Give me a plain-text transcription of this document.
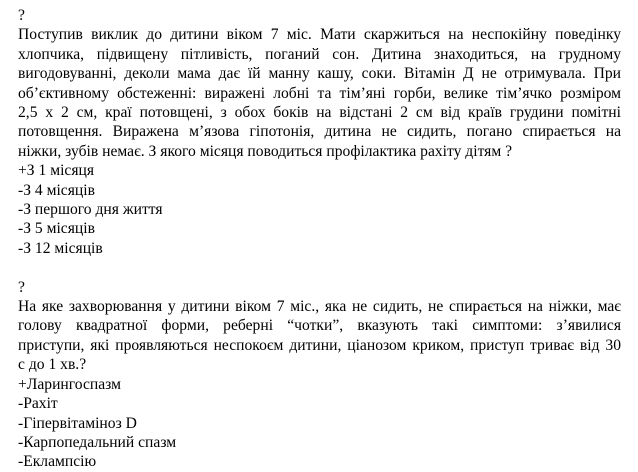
?
Поступив виклик до дитини віком 7 міс. Мати скаржиться на неспокійну поведінку
хлопчика, підвищену пітливість, поганий сон. Дитина знаходиться, на грудному
вигодовуванні, деколи мама дає їй манну кашу, соки. Вітамін Д не отримувала. При
об’єктивному обстеженні: виражені лобні та тім’яні горби, велике тім’ячко розміром
2,5 х 2 см, краї потовщені, з обох боків на відстані 2 см від країв грудини помітні
потовщення. Виражена м’язова гіпотонія, дитина не сидить, погано спирається на
ніжки, зубів немає. З якого місяця поводиться профілактика рахіту дітям ?
+З 1 місяця
-З 4 місяців
-З першого дня життя
-З 5 місяців
-З 12 місяців
?
На яке захворювання у дитини віком 7 міс., яка не сидить, не спирається на ніжки, має
голову квадратної форми, реберні “чотки”, вказують такі симптоми: з’явилися
приступи, які проявляються неспокоєм дитини, ціанозом криком, приступ триває від 30
с до 1 хв.?
+Ларингоспазм
-Рахіт
-Гіпервітаміноз D
-Карпопедальний спазм
-Еклампсію
